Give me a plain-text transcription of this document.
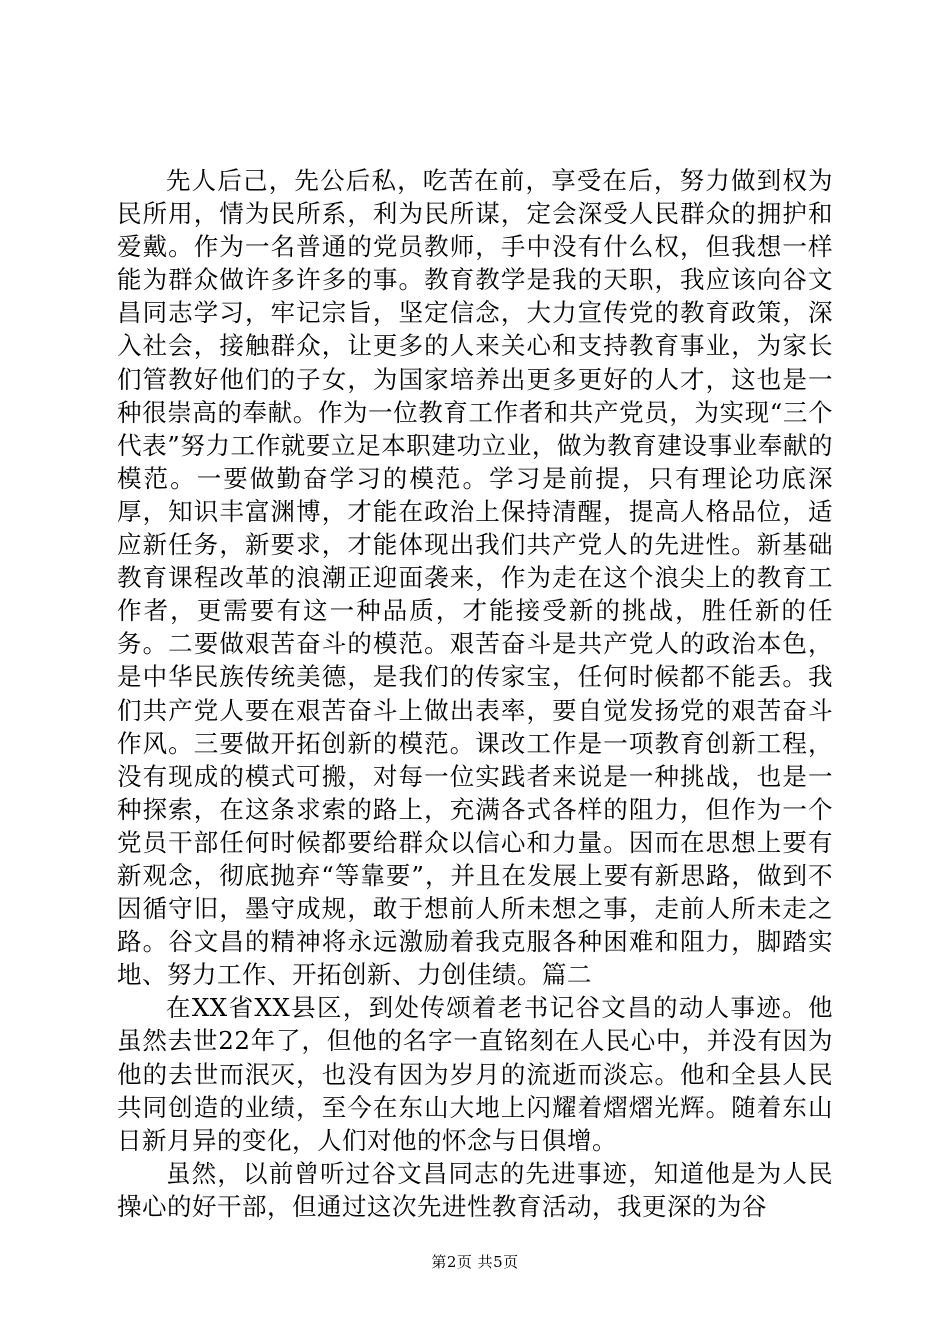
先人后己，先公后私，吃苦在前，享受在后，努力做到权为民所用，情为民所系，利为民所谋，定会深受人民群众的拥护和爱戴。作为一名普通的党员教师，手中没有什么权，但我想一样能为群众做许多许多的事。教育教学是我的天职，我应该向谷文昌同志学习，牢记宗旨，坚定信念，大力宣传党的教育政策，深入社会，接触群众，让更多的人来关心和支持教育事业，为家长们管教好他们的子女，为国家培养出更多更好的人才，这也是一种很崇高的奉献。作为一位教育工作者和共产党员，为实现“三个代表”努力工作就要立足本职建功立业，做为教育建设事业奉献的模范。一要做勤奋学习的模范。学习是前提，只有理论功底深厚，知识丰富渊博，才能在政治上保持清醒，提高人格品位，适应新任务，新要求，才能体现出我们共产党人的先进性。新基础教育课程改革的浪潮正迎面袭来，作为走在这个浪尖上的教育工作者，更需要有这一种品质，才能接受新的挑战，胜任新的任务。二要做艰苦奋斗的模范。艰苦奋斗是共产党人的政治本色，是中华民族传统美德，是我们的传家宝，任何时候都不能丢。我们共产党人要在艰苦奋斗上做出表率，要自觉发扬党的艰苦奋斗作风。三要做开拓创新的模范。课改工作是一项教育创新工程，没有现成的模式可搬，对每一位实践者来说是一种挑战，也是一种探索，在这条求索的路上，充满各式各样的阻力，但作为一个党员干部任何时候都要给群众以信心和力量。因而在思想上要有新观念，彻底抛弃“等靠要”，并且在发展上要有新思路，做到不因循守旧，墨守成规，敢于想前人所未想之事，走前人所未走之路。谷文昌的精神将永远激励着我克服各种困难和阻力，脚踏实地、努力工作、开拓创新、力创佳绩。篇二

在XX省XX县区，到处传颂着老书记谷文昌的动人事迹。他虽然去世22年了，但他的名字一直铭刻在人民心中，并没有因为他的去世而泯灭，也没有因为岁月的流逝而淡忘。他和全县人民共同创造的业绩，至今在东山大地上闪耀着熠熠光辉。随着东山日新月异的变化，人们对他的怀念与日俱增。

虽然，以前曾听过谷文昌同志的先进事迹，知道他是为人民操心的好干部，但通过这次先进性教育活动，我更深的为谷

第2页 共5页
